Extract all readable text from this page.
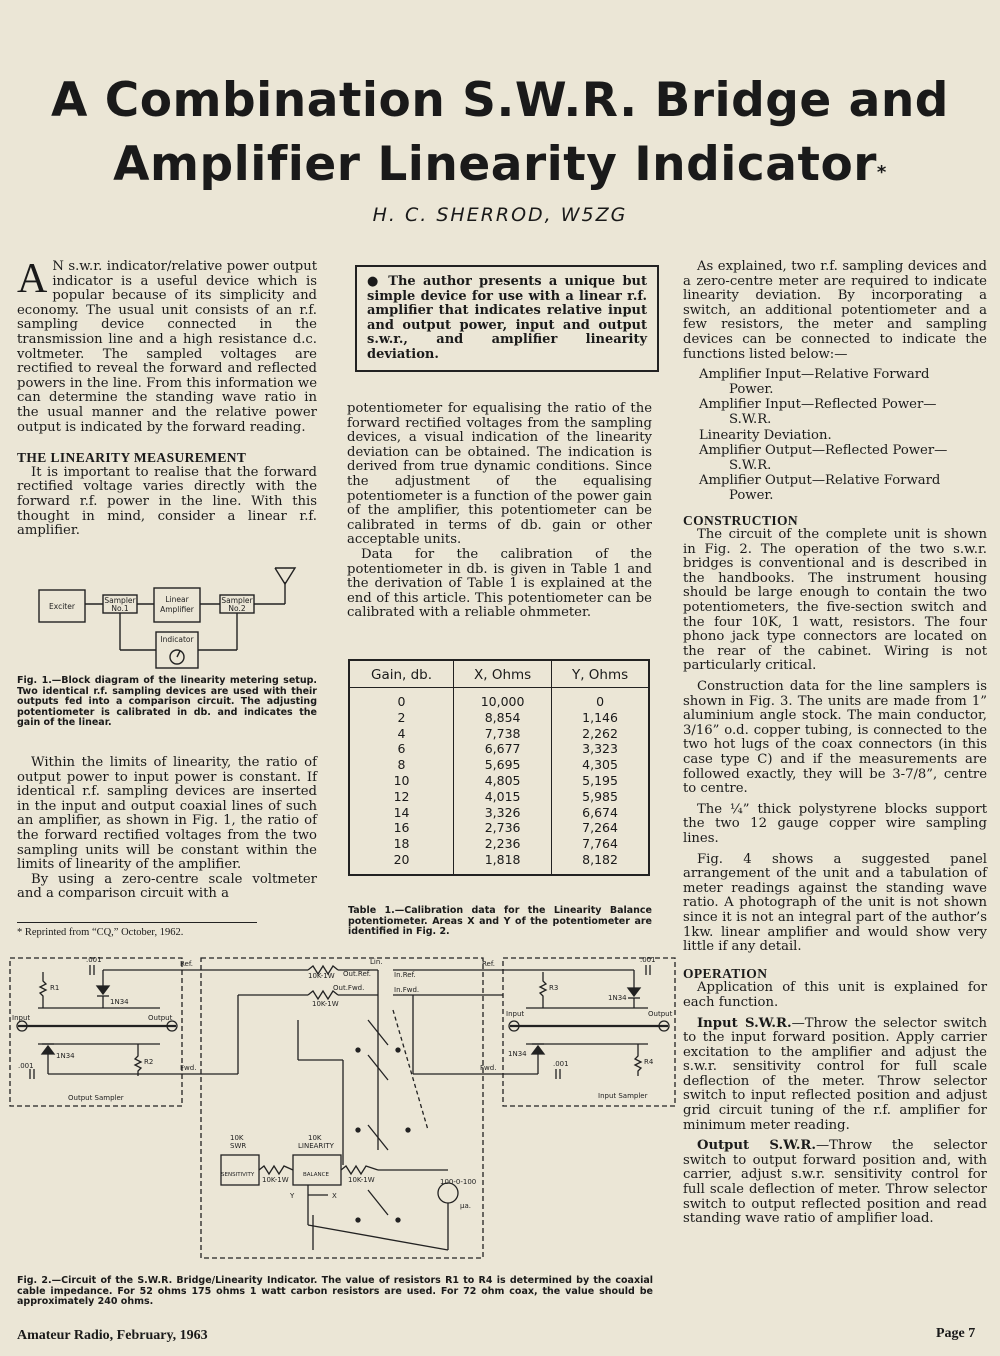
A Combination S.W.R. Bridge and
Amplifier Linearity Indicator*
H. C. SHERROD, W5ZG

A N s.w.r. indicator/relative power output indicator is a useful device which is popular because of its simplicity and economy. The usual unit consists of an r.f. sampling device connected in the transmission line and a high resistance d.c. voltmeter. The sampled voltages are rectified to reveal the forward and reflected powers in the line. From this information we can determine the standing wave ratio in the usual manner and the relative power output is indicated by the forward reading.

THE LINEARITY MEASUREMENT

It is important to realise that the forward rectified voltage varies directly with the forward r.f. power in the line. With this thought in mind, consider a linear r.f. amplifier.

Exciter
Sampler
No.1
Linear
Amplifier
Sampler
No.2
Indicator
Fig. 1.—Block diagram of the linearity metering setup. Two identical r.f. sampling devices are used with their outputs fed into a comparison circuit. The adjusting potentiometer is calibrated in db. and indicates the gain of the linear.

Within the limits of linearity, the ratio of output power to input power is constant. If identical r.f. sampling devices are inserted in the input and output coaxial lines of such an amplifier, as shown in Fig. 1, the ratio of the forward rectified voltages from the two sampling units will be constant within the limits of linearity of the amplifier.

By using a zero-centre scale voltmeter and a comparison circuit with a

* Reprinted from “CQ,” October, 1962.
● The author presents a unique but simple device for use with a linear r.f. amplifier that indicates relative input and output power, input and output s.w.r., and amplifier linearity deviation.

potentiometer for equalising the ratio of the forward rectified voltages from the sampling devices, a visual indication of the linearity deviation can be obtained. The indication is derived from true dynamic conditions. Since the adjustment of the equalising potentiometer is a function of the power gain of the amplifier, this potentiometer can be calibrated in terms of db. gain or other acceptable units.

Data for the calibration of the potentiometer in db. is given in Table 1 and the derivation of Table 1 is explained at the end of this article. This potentiometer can be calibrated with a reliable ohmmeter.

Gain, db.	X, Ohms	Y, Ohms
0	10,000	0
2	8,854	1,146
4	7,738	2,262
6	6,677	3,323
8	5,695	4,305
10	4,805	5,195
12	4,015	5,985
14	3,326	6,674
16	2,736	7,264
18	2,236	7,764
20	1,818	8,182
Table 1.—Calibration data for the Linearity Balance potentiometer. Areas X and Y of the potentiometer are identified in Fig. 2.

As explained, two r.f. sampling devices and a zero-centre meter are required to indicate linearity deviation. By incorporating a switch, an additional potentiometer and a few resistors, the meter and sampling devices can be connected to indicate the functions listed below:—

Amplifier Input—Relative Forward
Power.

Amplifier Input—Reflected Power—
S.W.R.

Linearity Deviation.

Amplifier Output—Reflected Power—
S.W.R.

Amplifier Output—Relative Forward
Power.

CONSTRUCTION

The circuit of the complete unit is shown in Fig. 2. The operation of the two s.w.r. bridges is conventional and is described in the handbooks. The instrument housing should be large enough to contain the two potentiometers, the five-section switch and the four 10K, 1 watt, resistors. The four phono jack type connectors are located on the rear of the cabinet. Wiring is not particularly critical.

Construction data for the line samplers is shown in Fig. 3. The units are made from 1” aluminium angle stock. The main conductor, 3/16” o.d. copper tubing, is connected to the two hot lugs of the coax connectors (in this case type C) and if the measurements are followed exactly, they will be 3-7/8”, centre to centre.

The ¼” thick polystyrene blocks support the two 12 gauge copper wire sampling lines.

Fig. 4 shows a suggested panel arrangement of the unit and a tabulation of meter readings against the standing wave ratio. A photograph of the unit is not shown since it is not an integral part of the author’s 1kw. linear amplifier and would show very little if any detail.

OPERATION

Application of this unit is explained for each function.

Input S.W.R.—Throw the selector switch to the input forward position. Apply carrier excitation to the amplifier and adjust the s.w.r. sensitivity control for full scale deflection of the meter. Throw selector switch to input reflected position and adjust grid circuit tuning of the r.f. amplifier for minimum meter reading.

Output S.W.R.—Throw the selector switch to output forward position and, with carrier, adjust s.w.r. sensitivity control for full scale deflection of meter. Throw selector switch to output reflected position and read standing wave ratio of amplifier load.

.001	.001
.001	.001
R1
R2
R3
R4
1N34
1N34
1N34
1N34
Input	Output	Input	Output
Ref.
Fwd.
Ref.
Fwd.
10K-1W Out.Ref.
Out.Fwd.
10K-1W
In.Ref.
In.Fwd.
Lin.
Output Sampler	Input Sampler
10K
SWR
SENSITIVITY
10K
LINEARITY
BALANCE
10K-1W	10K-1W	100-0-100
μa.
Y	X
Fig. 2.—Circuit of the S.W.R. Bridge/Linearity Indicator. The value of resistors R1 to R4 is determined by the coaxial cable impedance. For 52 ohms 175 ohms 1 watt carbon resistors are used. For 72 ohm coax, the value should be approximately 240 ohms.
Amateur Radio, February, 1963	Page 7
